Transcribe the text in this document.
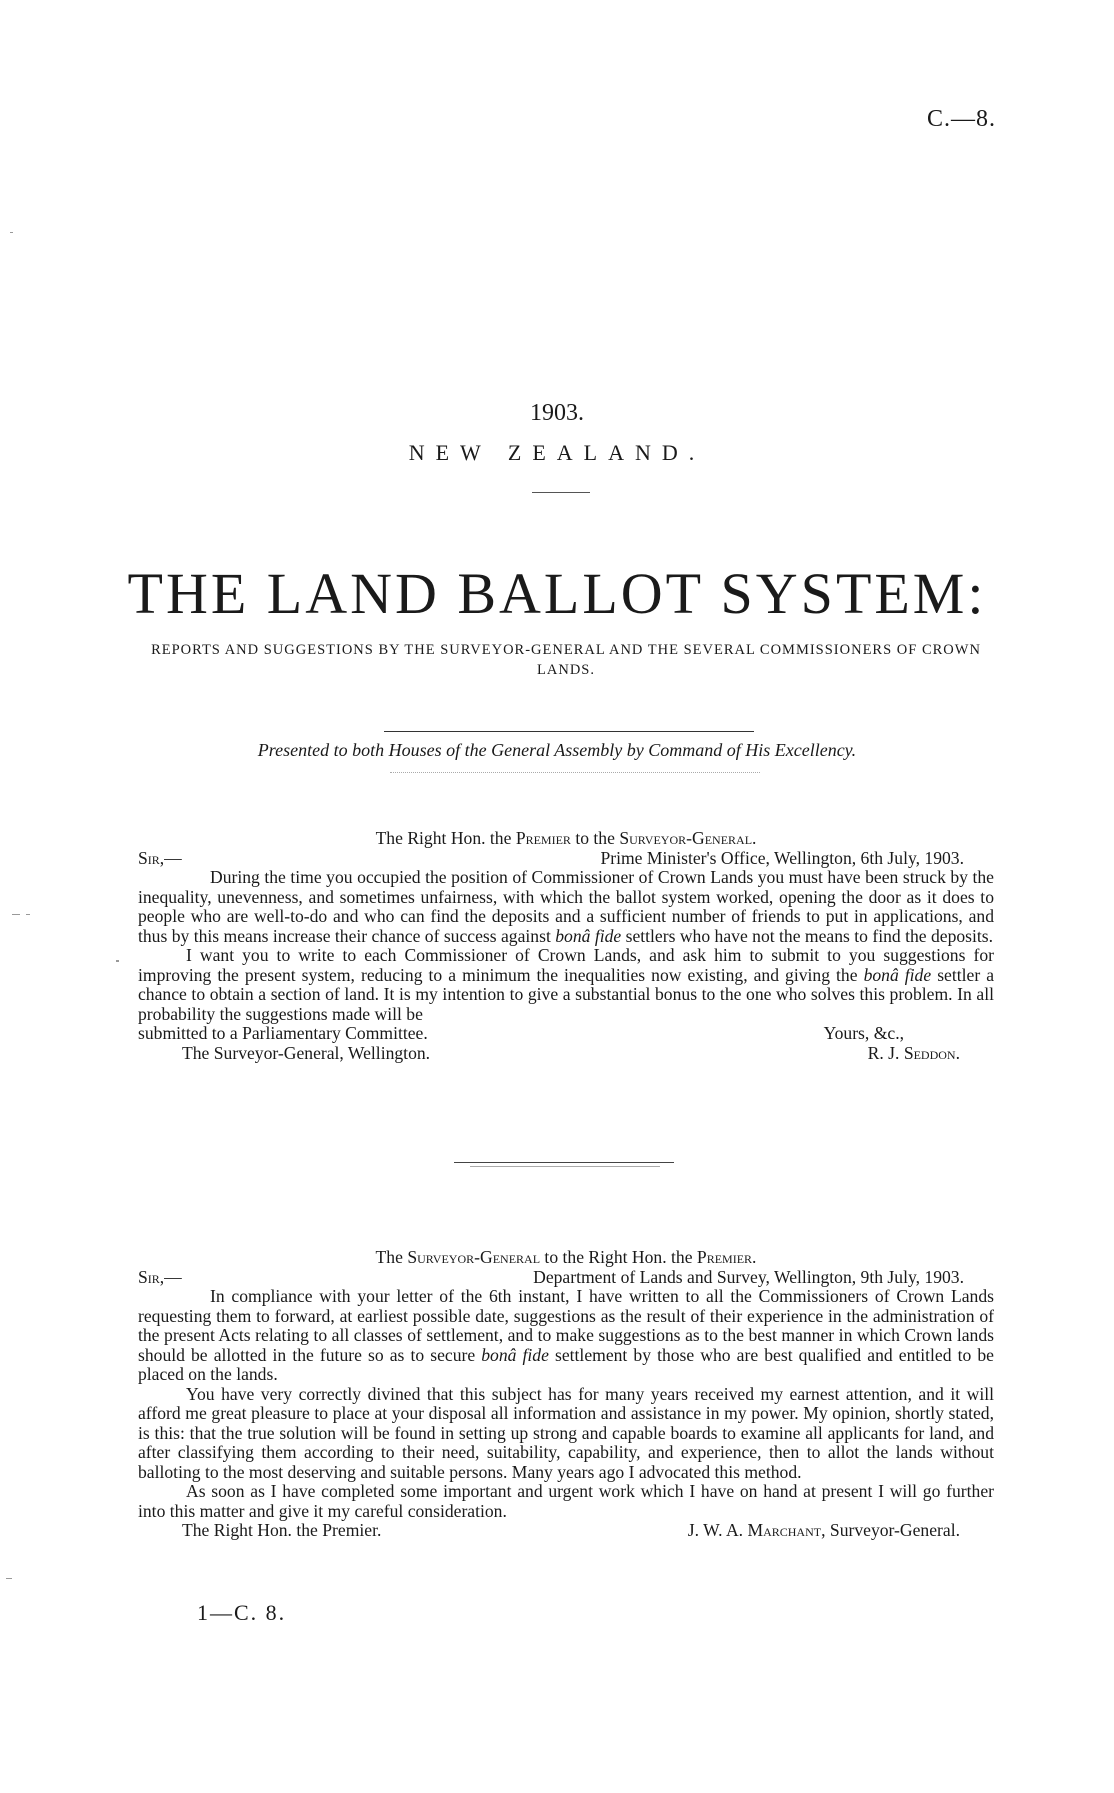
C.—8.
1903.
NEW ZEALAND.
THE LAND BALLOT SYSTEM:
REPORTS AND SUGGESTIONS BY THE SURVEYOR-GENERAL AND THE SEVERAL COMMISSIONERS OF CROWN LANDS.
Presented to both Houses of the General Assembly by Command of His Excellency.

The Right Hon. the Premier to the Surveyor-General.

Sir,—	Prime Minister's Office, Wellington, 6th July, 1903.

During the time you occupied the position of Commissioner of Crown Lands you must have been struck by the inequality, unevenness, and sometimes unfairness, with which the ballot system worked, opening the door as it does to people who are well-to-do and who can find the deposits and a sufficient number of friends to put in applications, and thus by this means increase their chance of success against bonâ fide settlers who have not the means to find the deposits.

I want you to write to each Commissioner of Crown Lands, and ask him to submit to you suggestions for improving the present system, reducing to a minimum the inequalities now existing, and giving the bonâ fide settler a chance to obtain a section of land. It is my intention to give a substantial bonus to the one who solves this problem. In all probability the suggestions made will be

submitted to a Parliamentary Committee.	Yours, &c.,
The Surveyor-General, Wellington.	R. J. Seddon.

The Surveyor-General to the Right Hon. the Premier.

Sir,—	Department of Lands and Survey, Wellington, 9th July, 1903.

In compliance with your letter of the 6th instant, I have written to all the Commissioners of Crown Lands requesting them to forward, at earliest possible date, suggestions as the result of their experience in the administration of the present Acts relating to all classes of settlement, and to make suggestions as to the best manner in which Crown lands should be allotted in the future so as to secure bonâ fide settlement by those who are best qualified and entitled to be placed on the lands.

You have very correctly divined that this subject has for many years received my earnest attention, and it will afford me great pleasure to place at your disposal all information and assistance in my power. My opinion, shortly stated, is this: that the true solution will be found in setting up strong and capable boards to examine all applicants for land, and after classifying them according to their need, suitability, capability, and experience, then to allot the lands without balloting to the most deserving and suitable persons. Many years ago I advocated this method.

As soon as I have completed some important and urgent work which I have on hand at present I will go further into this matter and give it my careful consideration.

The Right Hon. the Premier.	J. W. A. Marchant, Surveyor-General.
1—C. 8.
